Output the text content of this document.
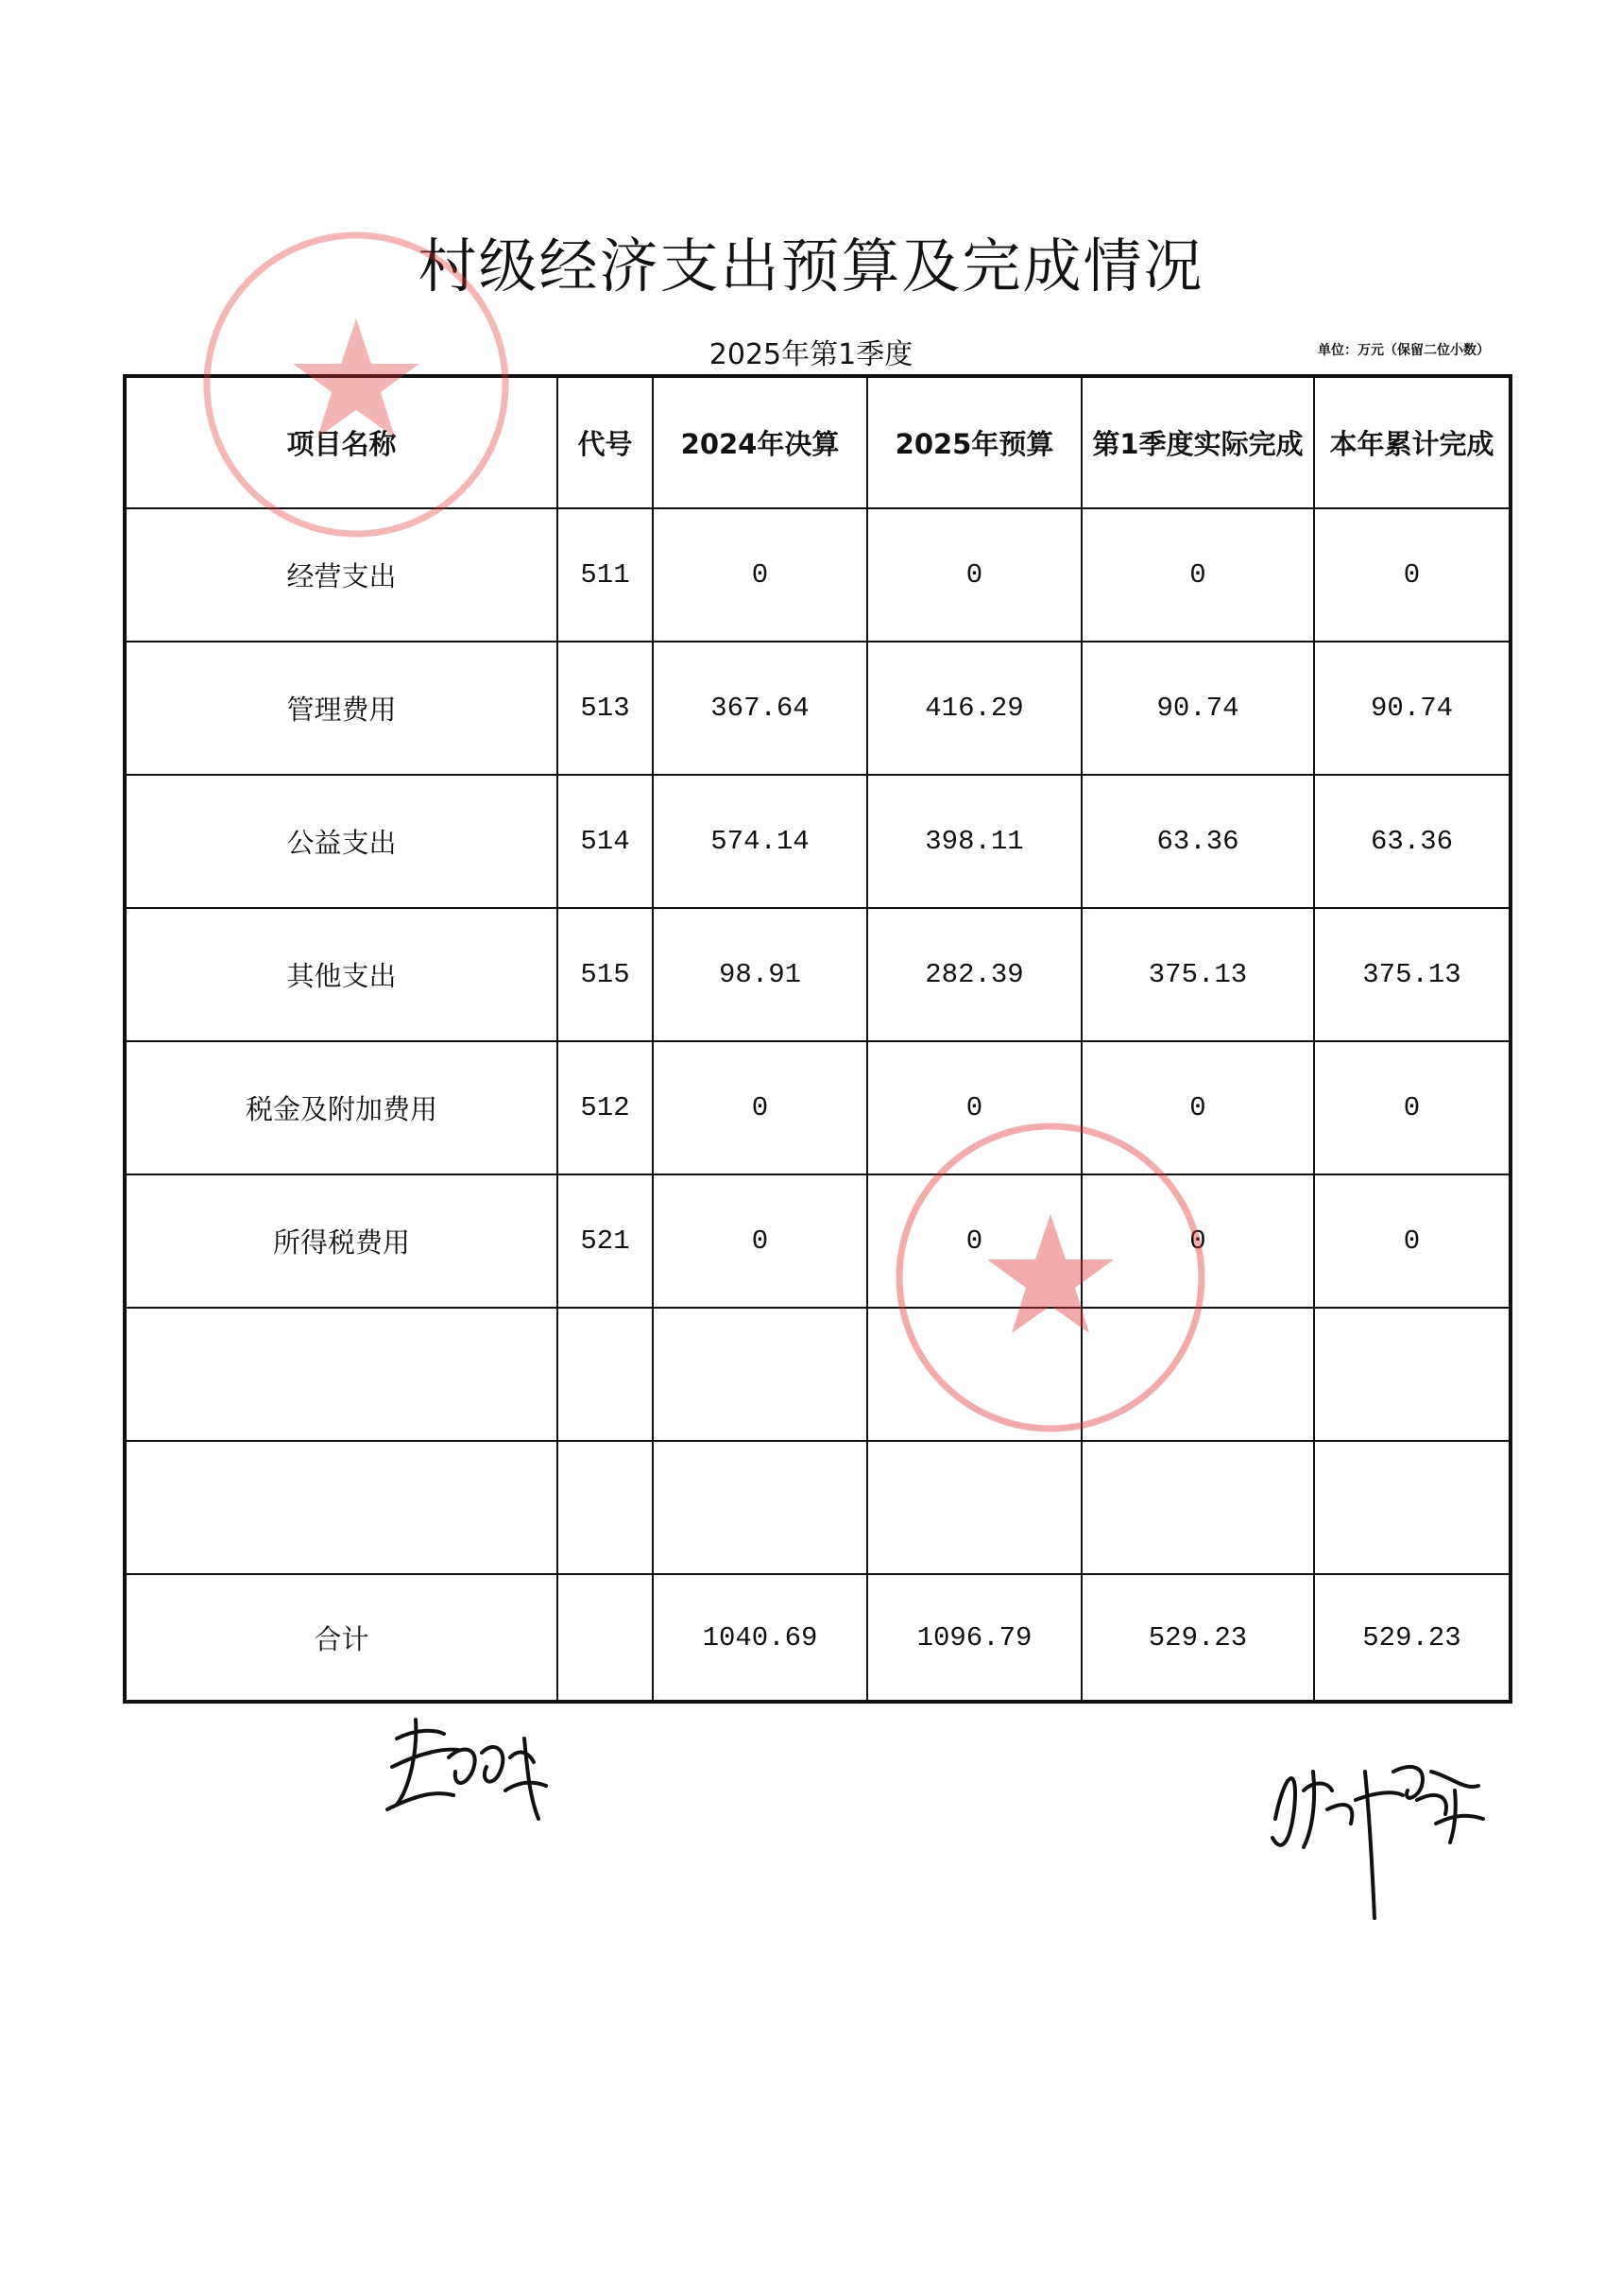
村级经济支出预算及完成情况
2025年第1季度	单位：万元（保留二位小数）
项目名称	代号	2024年决算	2025年预算	第1季度实际完成	本年累计完成
经营支出	511	0	0	0	0
管理费用	513	367.64	416.29	90.74	90.74
公益支出	514	574.14	398.11	63.36	63.36
其他支出	515	98.91	282.39	375.13	375.13
税金及附加费用	512	0	0	0	0
所得税费用	521	0	0	0	0

合计		1040.69	1096.79	529.23	529.23
